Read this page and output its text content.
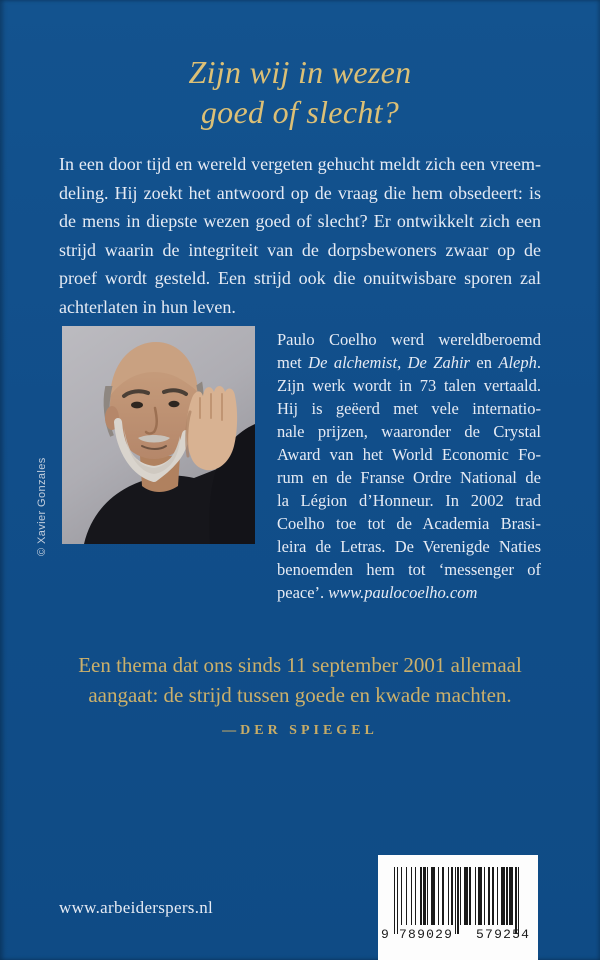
Zijn wij in wezen
goed of slecht?
In een door tijd en wereld vergeten gehucht meldt zich een vreem-
deling. Hij zoekt het antwoord op de vraag die hem obsedeert: is
de mens in diepste wezen goed of slecht? Er ontwikkelt zich een
strijd waarin de integriteit van de dorpsbewoners zwaar op de
proef wordt gesteld. Een strijd ook die onuitwisbare sporen zal
achterlaten in hun leven.
© Xavier Gonzales
Paulo Coelho werd wereldberoemd
met De alchemist, De Zahir en Aleph.
Zijn werk wordt in 73 talen vertaald.
Hij is geëerd met vele internatio-
nale prijzen, waaronder de Crystal
Award van het World Economic Fo-
rum en de Franse Ordre National de
la Légion d’Honneur. In 2002 trad
Coelho toe tot de Academia Brasi-
leira de Letras. De Verenigde Naties
benoemden hem tot ‘messenger of
peace’. www.paulocoelho.com
Een thema dat ons sinds 11 september 2001 allemaal
aangaat: de strijd tussen goede en kwade machten.
—DER SPIEGEL
www.arbeiderspers.nl
9 7 8 9 0 2 9 5 7 9 2 5 4
